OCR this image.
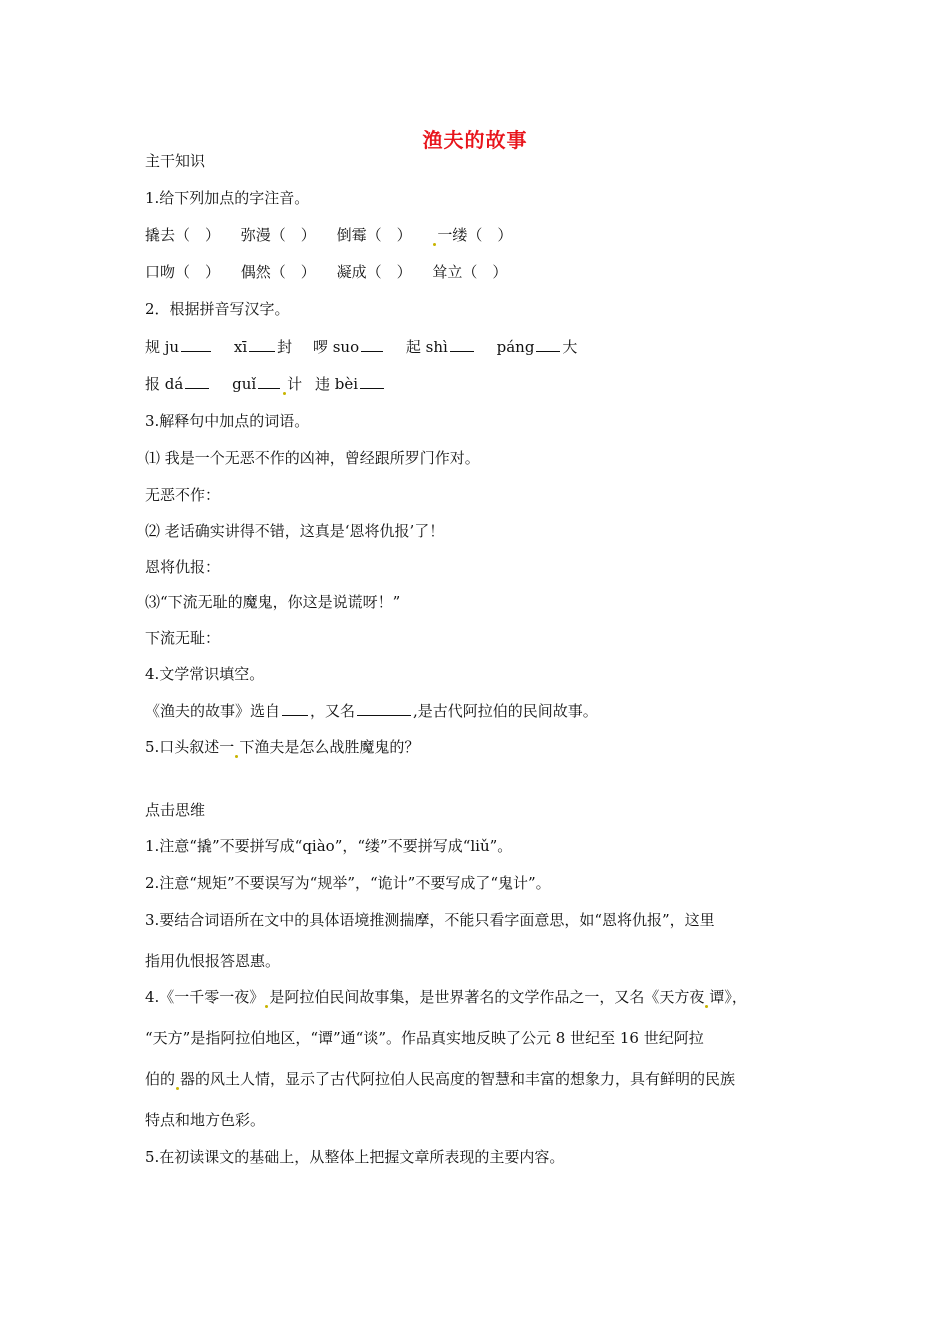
渔夫的故事
主干知识
1.给下列加点的字注音。
撬去（　） 弥漫（　） 倒霉（　） 一缕（　）
口吻（　） 偶然（　） 凝成（　） 耸立（　）
2．根据拼音写汉字。
规 ju	xī 封 啰 suo	起 shì	páng 大
报 dá	guǐ 计 违 bèi
3.解释句中加点的词语。
⑴ 我是一个无恶不作的凶神，曾经跟所罗门作对。
无恶不作：
⑵ 老话确实讲得不错，这真是‘恩将仇报’了！
恩将仇报：
⑶“下流无耻的魔鬼，你这是说谎呀！”
下流无耻：
4.文学常识填空。
《渔夫的故事》选自 ，又名	,是古代阿拉伯的民间故事。
5.口头叙述一 下渔夫是怎么战胜魔鬼的？
点击思维
1.注意“撬”不要拼写成“qiào”，“缕”不要拼写成“liǔ”。
2.注意“规矩”不要误写为“规举”，“诡计”不要写成了“鬼计”。
3.要结合词语所在文中的具体语境推测揣摩，不能只看字面意思，如“恩将仇报”，这里
指用仇恨报答恩惠。
4.《一千零一夜》 是阿拉伯民间故事集，是世界著名的文学作品之一，又名《天方夜 谭》，
“天方”是指阿拉伯地区，“谭”通“谈”。作品真实地反映了公元 8 世纪至 16 世纪阿拉
伯的 器的风土人情，显示了古代阿拉伯人民高度的智慧和丰富的想象力，具有鲜明的民族
特点和地方色彩。
5.在初读课文的基础上，从整体上把握文章所表现的主要内容。
